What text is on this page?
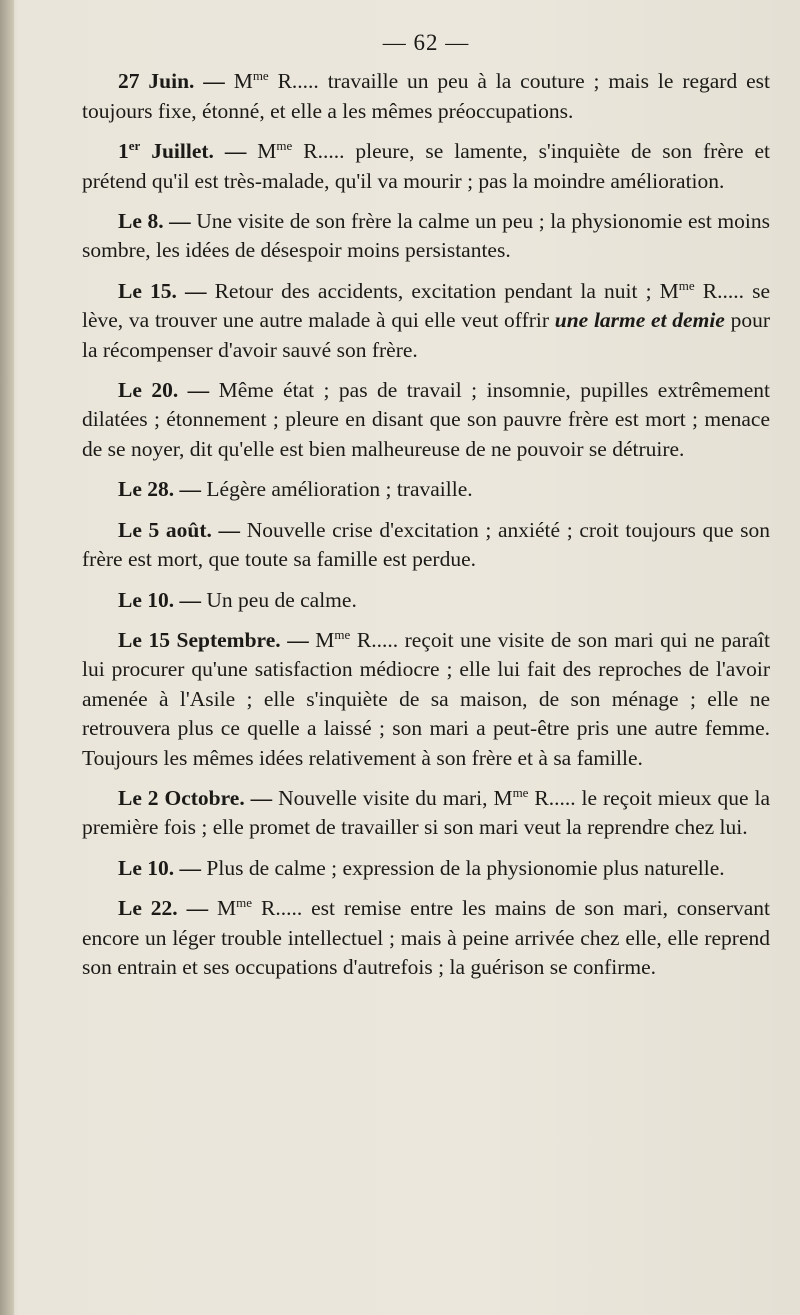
— 62 —

27 Juin. — $M^{me}$ R..... travaille un peu à la couture ; mais le regard est toujours fixe, étonné, et elle a les mêmes préoccupations.

1er Juillet. — $M^{me}$ R..... pleure, se lamente, s'inquiète de son frère et prétend qu'il est très-malade, qu'il va mourir ; pas la moindre amélioration.

Le 8. — Une visite de son frère la calme un peu ; la physionomie est moins sombre, les idées de désespoir moins persistantes.

Le 15. — Retour des accidents, excitation pendant la nuit ; $M^{me}$ R..... se lève, va trouver une autre malade à qui elle veut offrir une larme et demie pour la récompenser d'avoir sauvé son frère.

Le 20. — Même état ; pas de travail ; insomnie, pupilles extrêmement dilatées ; étonnement ; pleure en disant que son pauvre frère est mort ; menace de se noyer, dit qu'elle est bien malheureuse de ne pouvoir se détruire.

Le 28. — Légère amélioration ; travaille.

Le 5 août. — Nouvelle crise d'excitation ; anxiété ; croit toujours que son frère est mort, que toute sa famille est perdue.

Le 10. — Un peu de calme.

Le 15 Septembre. — $M^{me}$ R..... reçoit une visite de son mari qui ne paraît lui procurer qu'une satisfaction médiocre ; elle lui fait des reproches de l'avoir amenée à l'Asile ; elle s'inquiète de sa maison, de son ménage ; elle ne retrouvera plus ce quelle a laissé ; son mari a peut-être pris une autre femme. Toujours les mêmes idées relativement à son frère et à sa famille.

Le 2 Octobre. — Nouvelle visite du mari, $M^{me}$ R..... le reçoit mieux que la première fois ; elle promet de travailler si son mari veut la reprendre chez lui.

Le 10. — Plus de calme ; expression de la physionomie plus naturelle.

Le 22. — $M^{me}$ R..... est remise entre les mains de son mari, conservant encore un léger trouble intellectuel ; mais à peine arrivée chez elle, elle reprend son entrain et ses occupations d'autrefois ; la guérison se confirme.
